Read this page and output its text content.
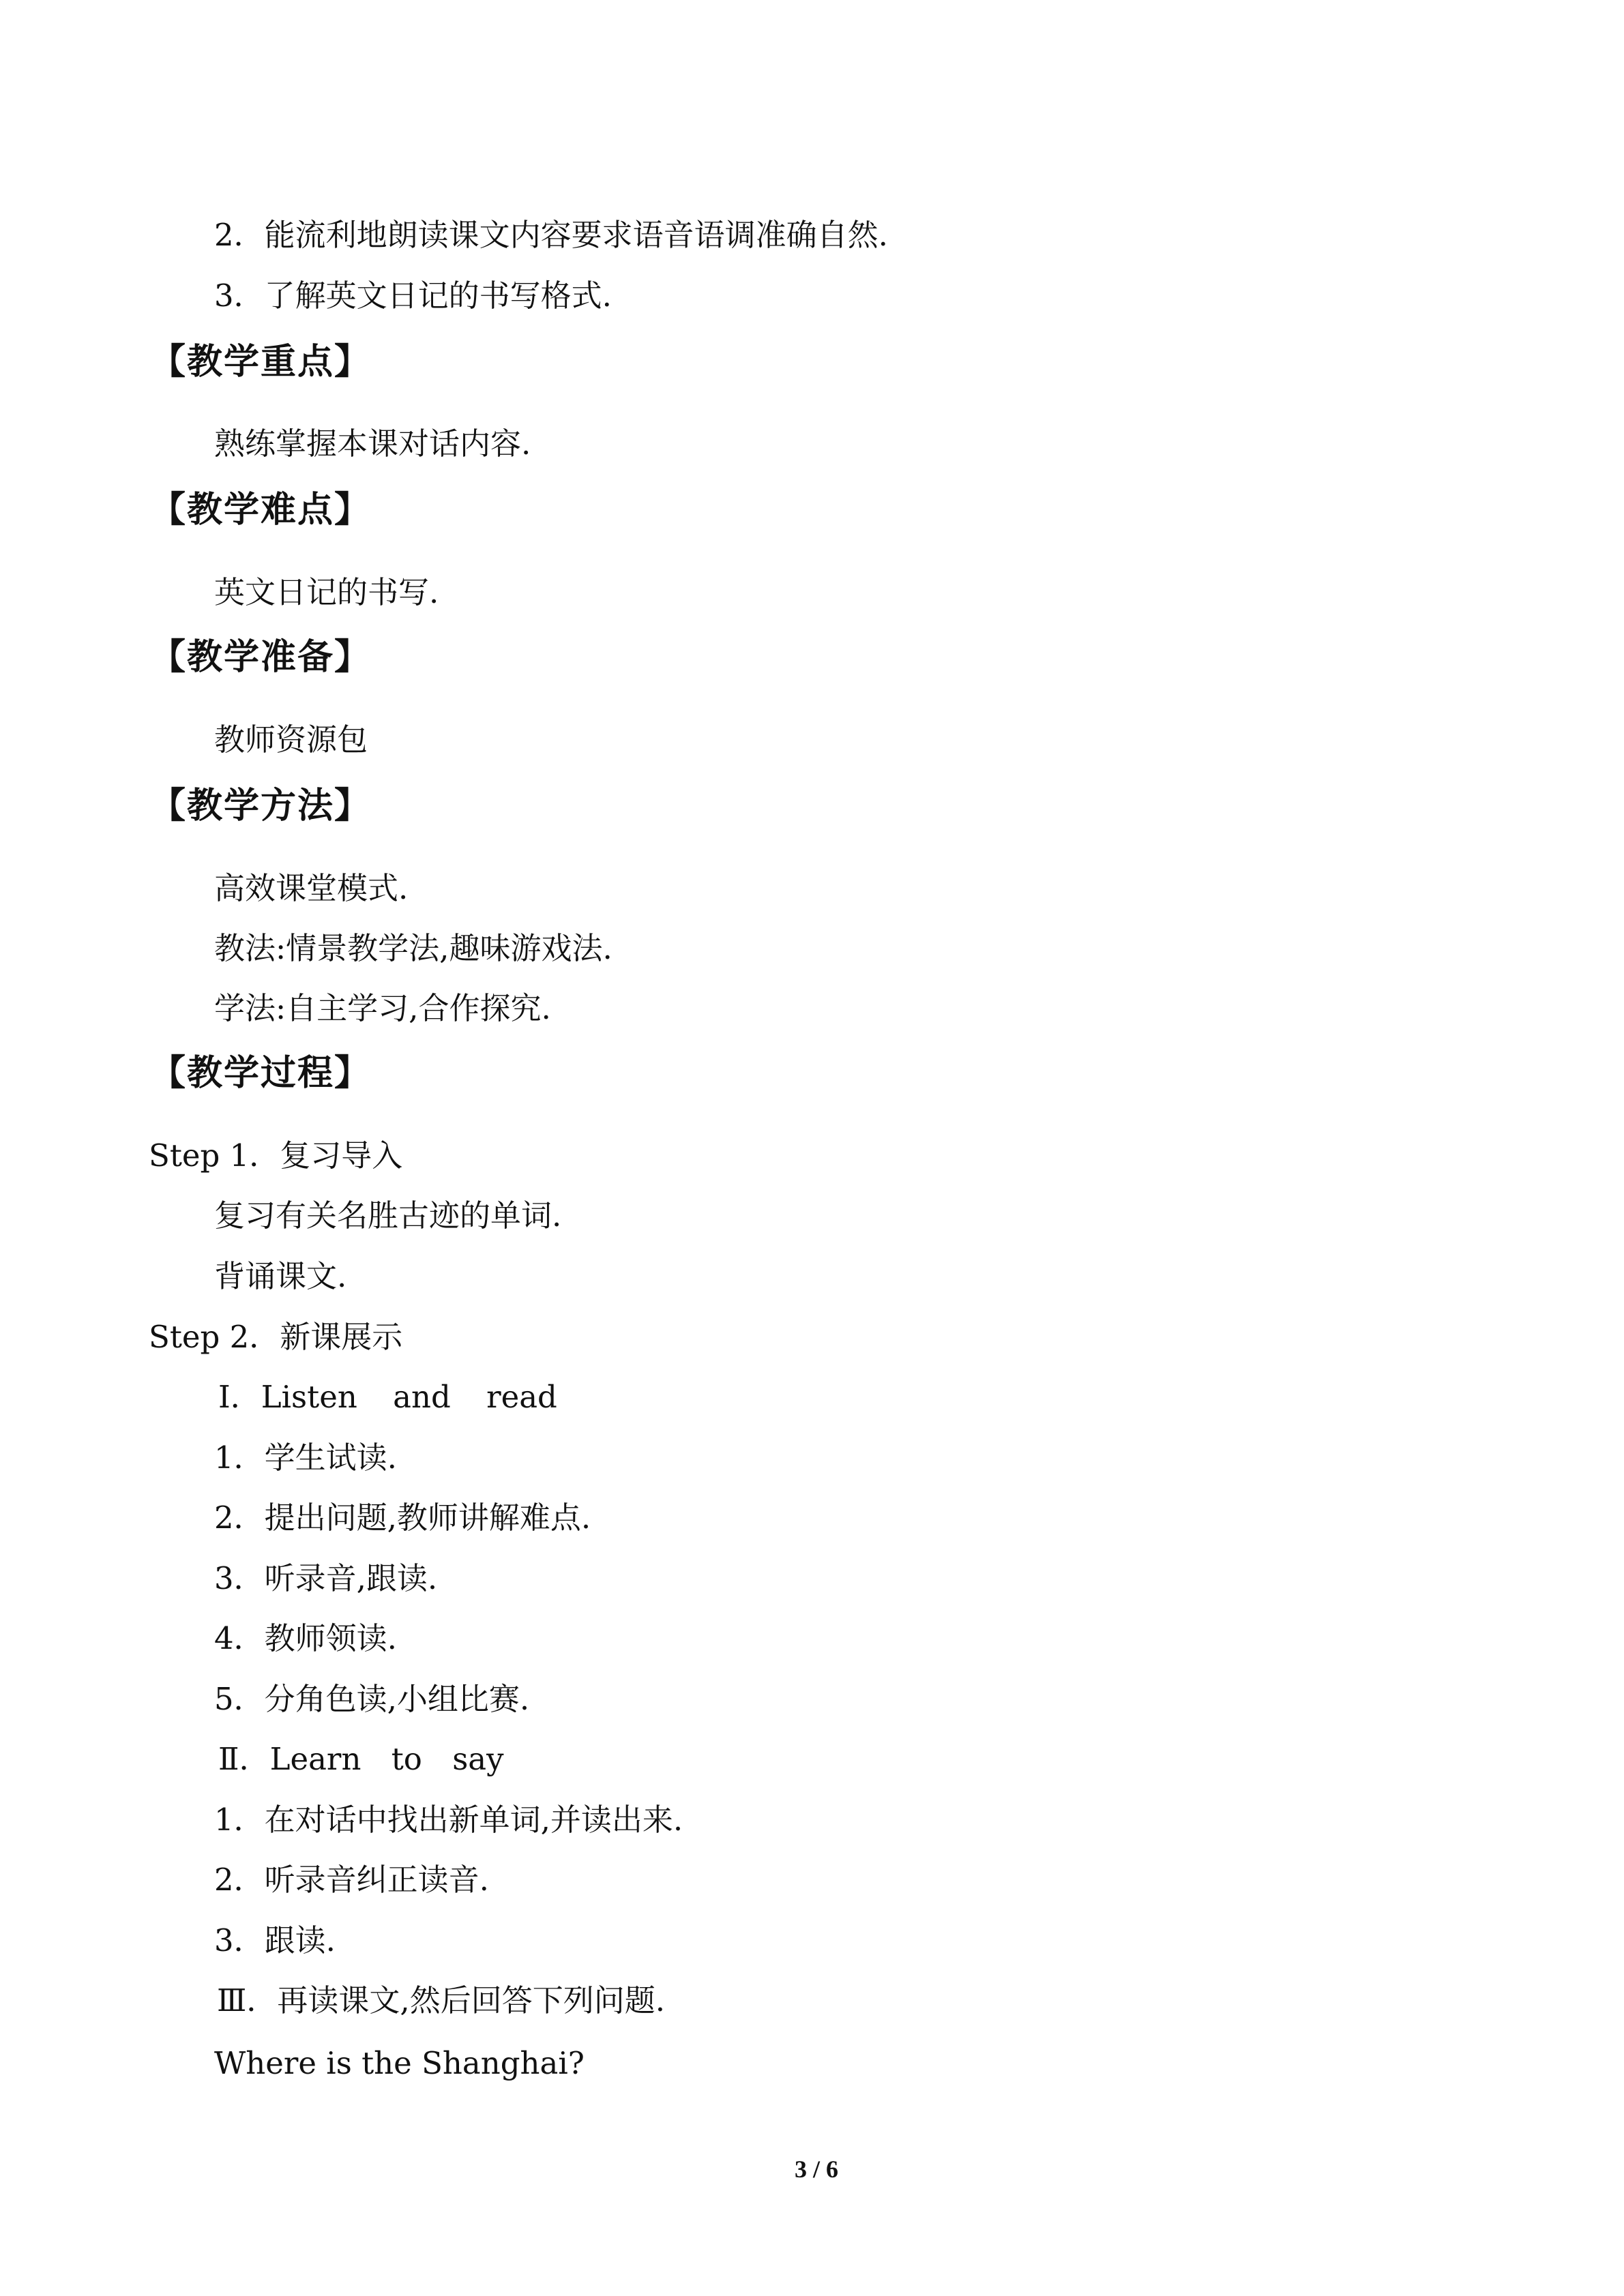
2．能流利地朗读课文内容要求语音语调准确自然.
3．了解英文日记的书写格式.
【教学重点】
熟练掌握本课对话内容.
【教学难点】
英文日记的书写.
【教学准备】
教师资源包
【教学方法】
高效课堂模式.
教法:情景教学法,趣味游戏法.
学法:自主学习,合作探究.
【教学过程】
Step 1．复习导入
复习有关名胜古迹的单词.
背诵课文.
Step 2．新课展示
Ⅰ．Listen and read
1．学生试读.
2．提出问题,教师讲解难点.
3．听录音,跟读.
4．教师领读.
5．分角色读,小组比赛.
Ⅱ．Learn to say
1．在对话中找出新单词,并读出来.
2．听录音纠正读音.
3．跟读.
Ⅲ．再读课文,然后回答下列问题.
Where is the Shanghai?
3 / 6
